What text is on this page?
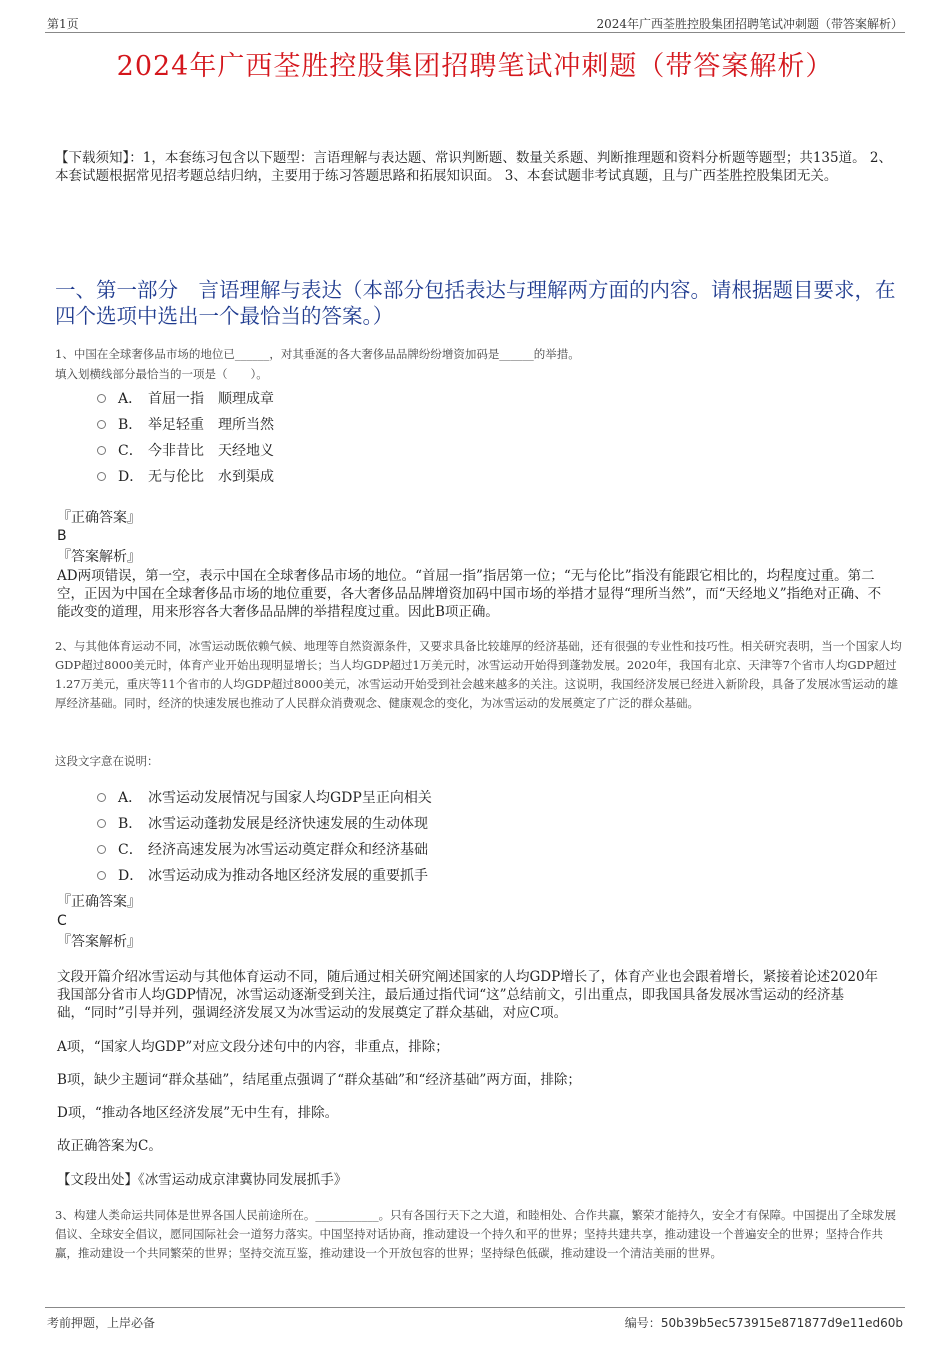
第1页	2024年广西荃胜控股集团招聘笔试冲刺题（带答案解析）
2024年广西荃胜控股集团招聘笔试冲刺题（带答案解析）
【下载须知】：1，本套练习包含以下题型：言语理解与表达题、常识判断题、数量关系题、判断推理题和资料分析题等题型；共135道。 2、本套试题根据常见招考题总结归纳，主要用于练习答题思路和拓展知识面。 3、本套试题非考试真题，且与广西荃胜控股集团无关。
一、第一部分　言语理解与表达（本部分包括表达与理解两方面的内容。请根据题目要求，在四个选项中选出一个最恰当的答案。）
1、中国在全球奢侈品市场的地位已______，对其垂涎的各大奢侈品品牌纷纷增资加码是______的举措。
填入划横线部分最恰当的一项是（　　）。
A． 首屈一指　顺理成章
B． 举足轻重　理所当然
C． 今非昔比　天经地义
D． 无与伦比　水到渠成
『正确答案』
B
『答案解析』
AD两项错误，第一空，表示中国在全球奢侈品市场的地位。“首屈一指”指居第一位；“无与伦比”指没有能跟它相比的，均程度过重。第二空，正因为中国在全球奢侈品市场的地位重要，各大奢侈品品牌增资加码中国市场的举措才显得“理所当然”，而“天经地义”指绝对正确、不能改变的道理，用来形容各大奢侈品品牌的举措程度过重。因此B项正确。
2、与其他体育运动不同，冰雪运动既依赖气候、地理等自然资源条件，又要求具备比较雄厚的经济基础，还有很强的专业性和技巧性。相关研究表明，当一个国家人均GDP超过8000美元时，体育产业开始出现明显增长；当人均GDP超过1万美元时，冰雪运动开始得到蓬勃发展。2020年，我国有北京、天津等7个省市人均GDP超过1.27万美元，重庆等11个省市的人均GDP超过8000美元，冰雪运动开始受到社会越来越多的关注。这说明，我国经济发展已经进入新阶段，具备了发展冰雪运动的雄厚经济基础。同时，经济的快速发展也推动了人民群众消费观念、健康观念的变化，为冰雪运动的发展奠定了广泛的群众基础。
这段文字意在说明：
A． 冰雪运动发展情况与国家人均GDP呈正向相关
B． 冰雪运动蓬勃发展是经济快速发展的生动体现
C． 经济高速发展为冰雪运动奠定群众和经济基础
D． 冰雪运动成为推动各地区经济发展的重要抓手
『正确答案』
C
『答案解析』
文段开篇介绍冰雪运动与其他体育运动不同，随后通过相关研究阐述国家的人均GDP增长了，体育产业也会跟着增长，紧接着论述2020年我国部分省市人均GDP情况，冰雪运动逐渐受到关注，最后通过指代词“这”总结前文，引出重点，即我国具备发展冰雪运动的经济基础，“同时”引导并列，强调经济发展又为冰雪运动的发展奠定了群众基础，对应C项。
A项，“国家人均GDP”对应文段分述句中的内容，非重点，排除；
B项，缺少主题词“群众基础”，结尾重点强调了“群众基础”和“经济基础”两方面，排除；
D项，“推动各地区经济发展”无中生有，排除。
故正确答案为C。
【文段出处】《冰雪运动成京津冀协同发展抓手》
3、构建人类命运共同体是世界各国人民前途所在。___________。只有各国行天下之大道，和睦相处、合作共赢，繁荣才能持久，安全才有保障。中国提出了全球发展倡议、全球安全倡议，愿同国际社会一道努力落实。中国坚持对话协商，推动建设一个持久和平的世界；坚持共建共享，推动建设一个普遍安全的世界；坚持合作共赢，推动建设一个共同繁荣的世界；坚持交流互鉴，推动建设一个开放包容的世界；坚持绿色低碳，推动建设一个清洁美丽的世界。
考前押题，上岸必备	编号：50b39b5ec573915e871877d9e11ed60b
